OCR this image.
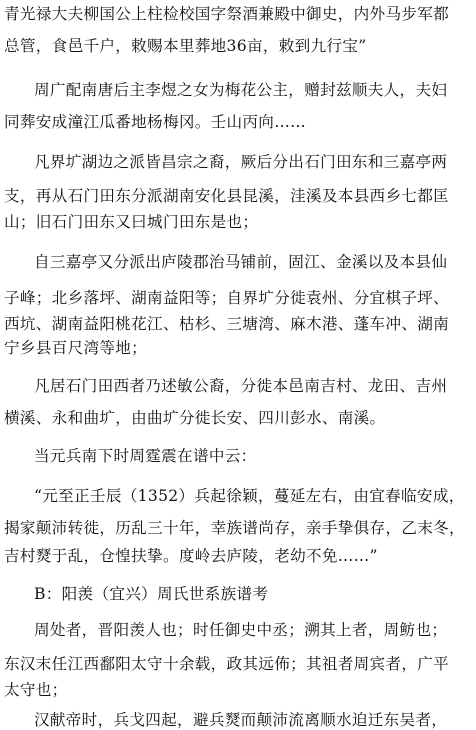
青光禄大夫柳国公上柱检校国字祭酒兼殿中御史，内外马步军都
总管，食邑千户，敕赐本里葬地36亩，敕到九行宝”
周广配南唐后主李煜之女为梅花公主，赠封兹顺夫人，夫妇
同葬安成潼江瓜番地杨梅冈。壬山丙向……
凡界圹湖边之派皆昌宗之裔，厥后分出石门田东和三嘉亭两
支，再从石门田东分派湖南安化县昆溪，洼溪及本县西乡七都匡
山；旧石门田东又曰城门田东是也；
自三嘉亭又分派出庐陵郡治马铺前，固江、金溪以及本县仙
子峰；北乡落坪、湖南益阳等；自界圹分徙袁州、分宜棋子坪、
西坑、湖南益阳桃花江、枯杉、三塘湾、麻木港、蓬车冲、湖南
宁乡县百尺湾等地；
凡居石门田西者乃述敏公裔，分徙本邑南吉村、龙田、吉州
横溪、永和曲圹，由曲圹分徙长安、四川彭水、南溪。
当元兵南下时周霆震在谱中云：
“元至正壬辰（1352）兵起徐颖，蔓延左右，由宜春临安成，
揭家颠沛转徙，历乱三十年，幸族谱尚存，亲手挚俱存，乙末冬，
吉村燹于乱，仓惶扶挚。度岭去庐陵，老幼不免……”
B：阳羡（宜兴）周氏世系族谱考
周处者，晋阳羡人也；时任御史中丞；溯其上者，周鲂也；
东汉末任江西鄱阳太守十余载，政其远佈；其祖者周宾者，广平
太守也；
汉献帝时，兵戈四起，避兵燹而颠沛流离顺水迫迁东吴者，
